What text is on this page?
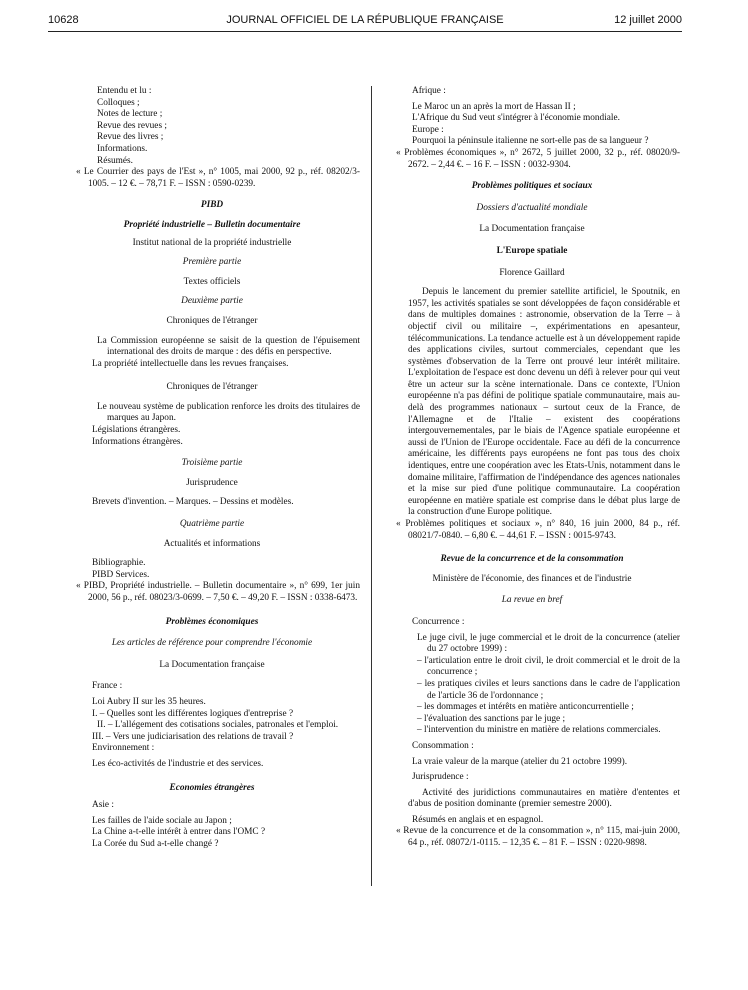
10628	JOURNAL OFFICIEL DE LA RÉPUBLIQUE FRANÇAISE	12 juillet 2000

Entendu et lu :

Colloques ;

Notes de lecture ;

Revue des revues ;

Revue des livres ;

Informations.

Résumés.

« Le Courrier des pays de l'Est », n° 1005, mai 2000, 92 p., réf. 08202/3-1005. – 12 €. – 78,71 F. – ISSN : 0590-0239.

PIBD

Propriété industrielle – Bulletin documentaire

Institut national de la propriété industrielle

Première partie

Textes officiels

Deuxième partie

Chroniques de l'étranger

La Commission européenne se saisit de la question de l'épuisement international des droits de marque : des défis en perspective.

La propriété intellectuelle dans les revues françaises.

Chroniques de l'étranger

Le nouveau système de publication renforce les droits des titulaires de marques au Japon.

Législations étrangères.

Informations étrangères.

Troisième partie

Jurisprudence

Brevets d'invention. – Marques. – Dessins et modèles.

Quatrième partie

Actualités et informations

Bibliographie.

PIBD Services.

« PIBD, Propriété industrielle. – Bulletin documentaire », n° 699, 1er juin 2000, 56 p., réf. 08023/3-0699. – 7,50 €. – 49,20 F. – ISSN : 0338-6473.

Problèmes économiques

Les articles de référence pour comprendre l'économie

La Documentation française

France :

Loi Aubry II sur les 35 heures.

I. – Quelles sont les différentes logiques d'entreprise ?

II. – L'allégement des cotisations sociales, patronales et l'emploi.

III. – Vers une judiciarisation des relations de travail ?

Environnement :

Les éco-activités de l'industrie et des services.

Economies étrangères

Asie :

Les failles de l'aide sociale au Japon ;

La Chine a-t-elle intérêt à entrer dans l'OMC ?

La Corée du Sud a-t-elle changé ?

Afrique :

Le Maroc un an après la mort de Hassan II ;

L'Afrique du Sud veut s'intégrer à l'économie mondiale.

Europe :

Pourquoi la péninsule italienne ne sort-elle pas de sa langueur ?

« Problèmes économiques », n° 2672, 5 juillet 2000, 32 p., réf. 08020/9-2672. – 2,44 €. – 16 F. – ISSN : 0032-9304.

Problèmes politiques et sociaux

Dossiers d'actualité mondiale

La Documentation française

L'Europe spatiale

Florence Gaillard

Depuis le lancement du premier satellite artificiel, le Spoutnik, en 1957, les activités spatiales se sont développées de façon considérable et dans de multiples domaines : astronomie, observation de la Terre – à objectif civil ou militaire –, expérimentations en apesanteur, télécommunications. La tendance actuelle est à un développement rapide des applications civiles, surtout commerciales, cependant que les systèmes d'observation de la Terre ont prouvé leur intérêt militaire. L'exploitation de l'espace est donc devenu un défi à relever pour qui veut être un acteur sur la scène internationale. Dans ce contexte, l'Union européenne n'a pas défini de politique spatiale communautaire, mais au-delà des programmes nationaux – surtout ceux de la France, de l'Allemagne et de l'Italie – existent des coopérations intergouvernementales, par le biais de l'Agence spatiale européenne et aussi de l'Union de l'Europe occidentale. Face au défi de la concurrence américaine, les différents pays européens ne font pas tous des choix identiques, entre une coopération avec les Etats-Unis, notamment dans le domaine militaire, l'affirmation de l'indépendance des agences nationales et la mise sur pied d'une politique communautaire. La coopération européenne en matière spatiale est comprise dans le débat plus large de la construction d'une Europe politique.

« Problèmes politiques et sociaux », n° 840, 16 juin 2000, 84 p., réf. 08021/7-0840. – 6,80 €. – 44,61 F. – ISSN : 0015-9743.

Revue de la concurrence et de la consommation

Ministère de l'économie, des finances et de l'industrie

La revue en bref

Concurrence :

Le juge civil, le juge commercial et le droit de la concurrence (atelier du 27 octobre 1999) :

– l'articulation entre le droit civil, le droit commercial et le droit de la concurrence ;

– les pratiques civiles et leurs sanctions dans le cadre de l'application de l'article 36 de l'ordonnance ;

– les dommages et intérêts en matière anticoncurrentielle ;

– l'évaluation des sanctions par le juge ;

– l'intervention du ministre en matière de relations commerciales.

Consommation :

La vraie valeur de la marque (atelier du 21 octobre 1999).

Jurisprudence :

Activité des juridictions communautaires en matière d'ententes et d'abus de position dominante (premier semestre 2000).

Résumés en anglais et en espagnol.

« Revue de la concurrence et de la consommation », n° 115, mai-juin 2000, 64 p., réf. 08072/1-0115. – 12,35 €. – 81 F. – ISSN : 0220-9898.
